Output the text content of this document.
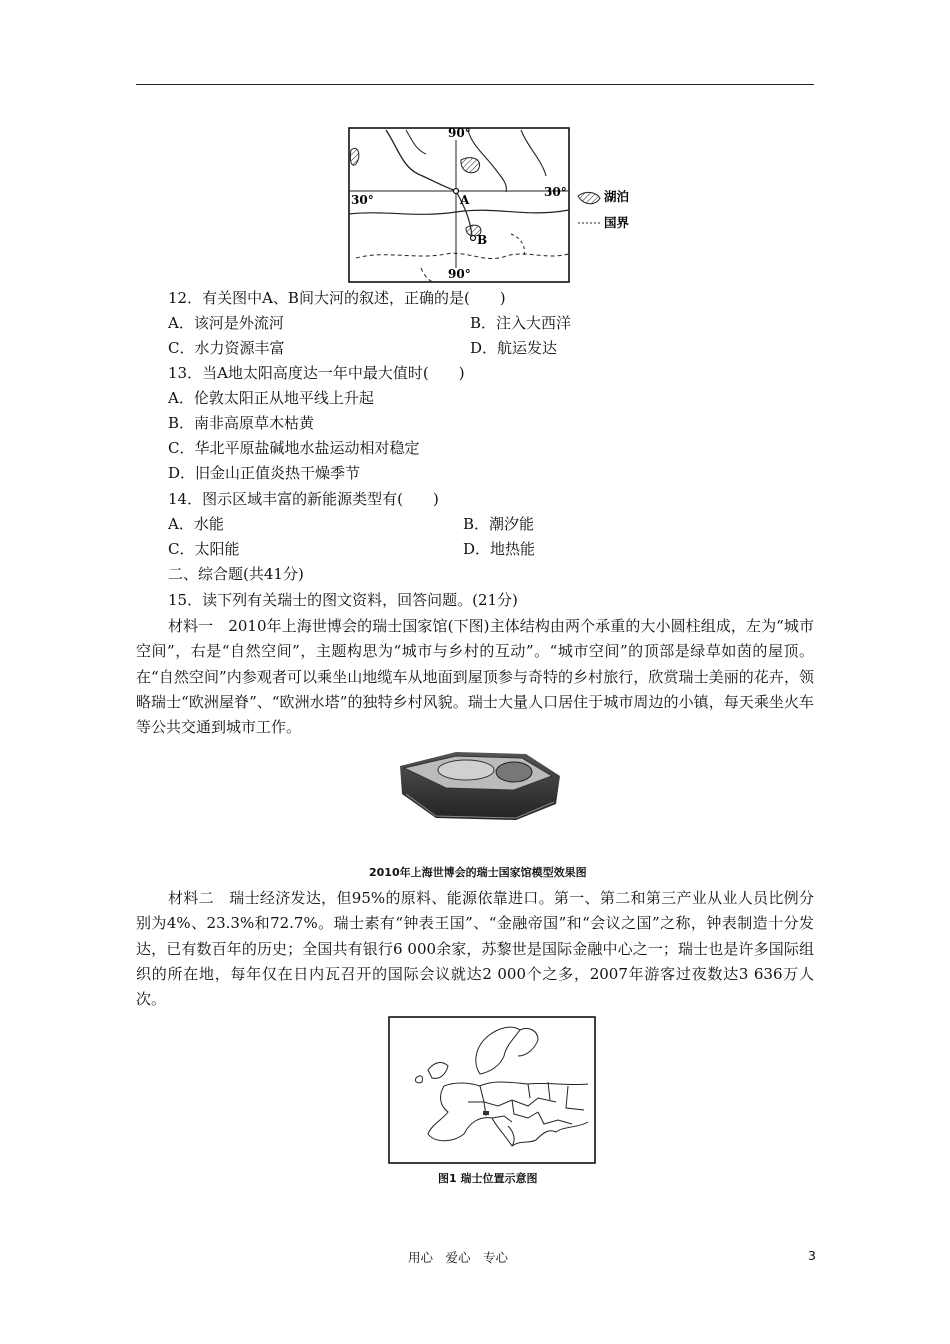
90°
90°
30°
30°
A
B
湖泊
国界
12．有关图中A、B间大河的叙述，正确的是(　　)
A．该河是外流河	B．注入大西洋
C．水力资源丰富	D．航运发达
13．当A地太阳高度达一年中最大值时(　　)
A．伦敦太阳正从地平线上升起
B．南非高原草木枯黄
C．华北平原盐碱地水盐运动相对稳定
D．旧金山正值炎热干燥季节
14．图示区域丰富的新能源类型有(　　)
A．水能	B．潮汐能
C．太阳能	D．地热能
二、综合题(共41分)
15．读下列有关瑞士的图文资料，回答问题。(21分)
材料一　2010年上海世博会的瑞士国家馆(下图)主体结构由两个承重的大小圆柱组成，左为“城市空间”，右是“自然空间”，主题构思为“城市与乡村的互动”。“城市空间”的顶部是绿草如茵的屋顶。在“自然空间”内参观者可以乘坐山地缆车从地面到屋顶参与奇特的乡村旅行，欣赏瑞士美丽的花卉，领略瑞士“欧洲屋脊”、“欧洲水塔”的独特乡村风貌。瑞士大量人口居住于城市周边的小镇，每天乘坐火车等公共交通到城市工作。
2010年上海世博会的瑞士国家馆模型效果图
材料二　瑞士经济发达，但95%的原料、能源依靠进口。第一、第二和第三产业从业人员比例分别为4%、23.3%和72.7%。瑞士素有“钟表王国”、“金融帝国”和“会议之国”之称，钟表制造十分发达，已有数百年的历史；全国共有银行6 000余家，苏黎世是国际金融中心之一；瑞士也是许多国际组织的所在地，每年仅在日内瓦召开的国际会议就达2 000个之多，2007年游客过夜数达3 636万人次。
图1 瑞士位置示意图
用心　爱心　专心	3
